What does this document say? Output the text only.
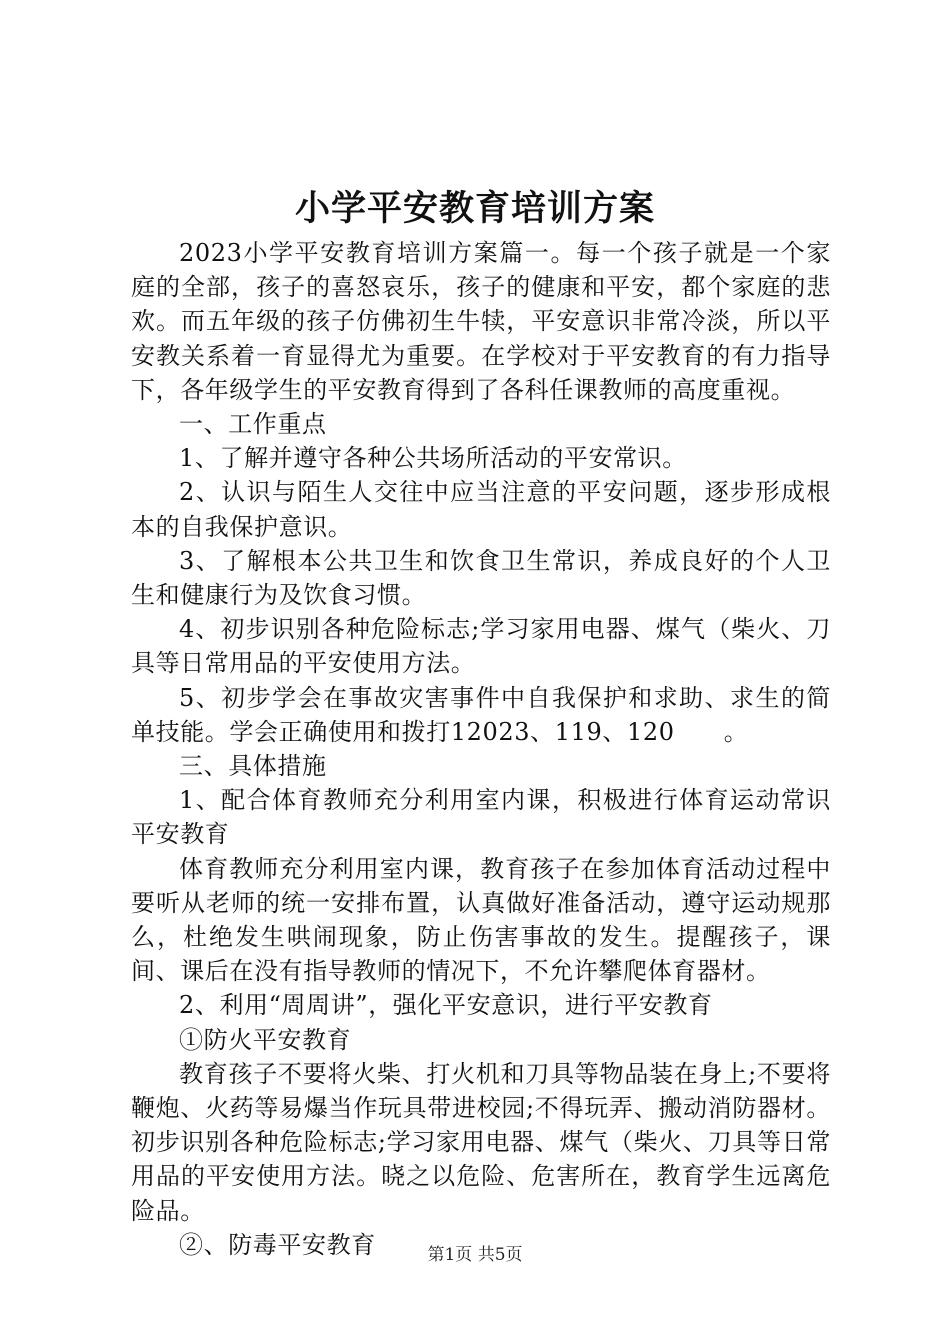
小学平安教育培训方案

2023小学平安教育培训方案篇一。每一个孩子就是一个家庭的全部，孩子的喜怒哀乐，孩子的健康和平安，都个家庭的悲欢。而五年级的孩子仿佛初生牛犊，平安意识非常冷淡，所以平安教关系着一育显得尤为重要。在学校对于平安教育的有力指导下，各年级学生的平安教育得到了各科任课教师的高度重视。

一、工作重点

1、了解并遵守各种公共场所活动的平安常识。

2、认识与陌生人交往中应当注意的平安问题，逐步形成根本的自我保护意识。

3、了解根本公共卫生和饮食卫生常识，养成良好的个人卫生和健康行为及饮食习惯。

4、初步识别各种危险标志;学习家用电器、煤气（柴火、刀具等日常用品的平安使用方法。

5、初步学会在事故灾害事件中自我保护和求助、求生的简单技能。学会正确使用和拨打12023、119、120　　。

三、具体措施

1、配合体育教师充分利用室内课，积极进行体育运动常识平安教育

体育教师充分利用室内课，教育孩子在参加体育活动过程中要听从老师的统一安排布置，认真做好准备活动，遵守运动规那么，杜绝发生哄闹现象，防止伤害事故的发生。提醒孩子，课间、课后在没有指导教师的情况下，不允许攀爬体育器材。

2、利用“周周讲”，强化平安意识，进行平安教育

①防火平安教育

教育孩子不要将火柴、打火机和刀具等物品装在身上;不要将鞭炮、火药等易爆当作玩具带进校园;不得玩弄、搬动消防器材。初步识别各种危险标志;学习家用电器、煤气（柴火、刀具等日常用品的平安使用方法。晓之以危险、危害所在，教育学生远离危险品。

②、防毒平安教育	第1页 共5页
